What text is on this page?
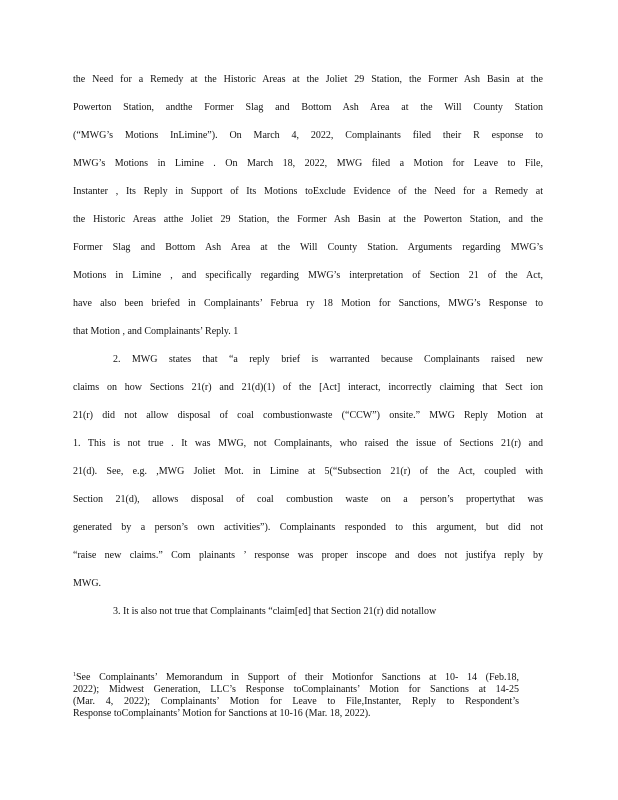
the Need for a Remedy at the Historic Areas at the Joliet 29 Station, the Former Ash Basin at the
Powerton Station, andthe Former Slag and Bottom Ash Area at the Will County Station
(“MWG’s Motions InLimine”). On March 4, 2022, Complainants filed their R esponse to
MWG’s Motions in Limine . On March 18, 2022, MWG filed a Motion for Leave to File,
Instanter , Its Reply in Support of Its Motions toExclude Evidence of the Need for a Remedy at
the Historic Areas atthe Joliet 29 Station, the Former Ash Basin at the Powerton Station, and the
Former Slag and Bottom Ash Area at the Will County Station. Arguments regarding MWG’s
Motions in Limine , and specifically regarding MWG’s interpretation of Section 21 of the Act,
have also been briefed in Complainants’ Februa ry 18 Motion for Sanctions, MWG’s Response to
that Motion , and Complainants’ Reply. 1
2. MWG states that “a reply brief is warranted because Complainants raised new
claims on how Sections 21(r) and 21(d)(1) of the [Act] interact, incorrectly claiming that Sect ion
21(r) did not allow disposal of coal combustionwaste (“CCW”) onsite.” MWG Reply Motion at
1. This is not true . It was MWG, not Complainants, who raised the issue of Sections 21(r) and
21(d). See, e.g. ,MWG Joliet Mot. in Limine at 5(“Subsection 21(r) of the Act, coupled with
Section 21(d), allows disposal of coal combustion waste on a person’s propertythat was
generated by a person’s own activities”). Complainants responded to this argument, but did not
“raise new claims.” Com plainants ’ response was proper inscope and does not justifya reply by
MWG.
3. It is also not true that Complainants “claim[ed] that Section 21(r) did notallow
$^1$See Complainants’ Memorandum in Support of their Motionfor Sanctions at 10- 14 (Feb.18,
2022); Midwest Generation, LLC’s Response toComplainants’ Motion for Sanctions at 14-25
(Mar. 4, 2022); Complainants’ Motion for Leave to File,Instanter, Reply to Respondent’s
Response toComplainants’ Motion for Sanctions at 10-16 (Mar. 18, 2022).
